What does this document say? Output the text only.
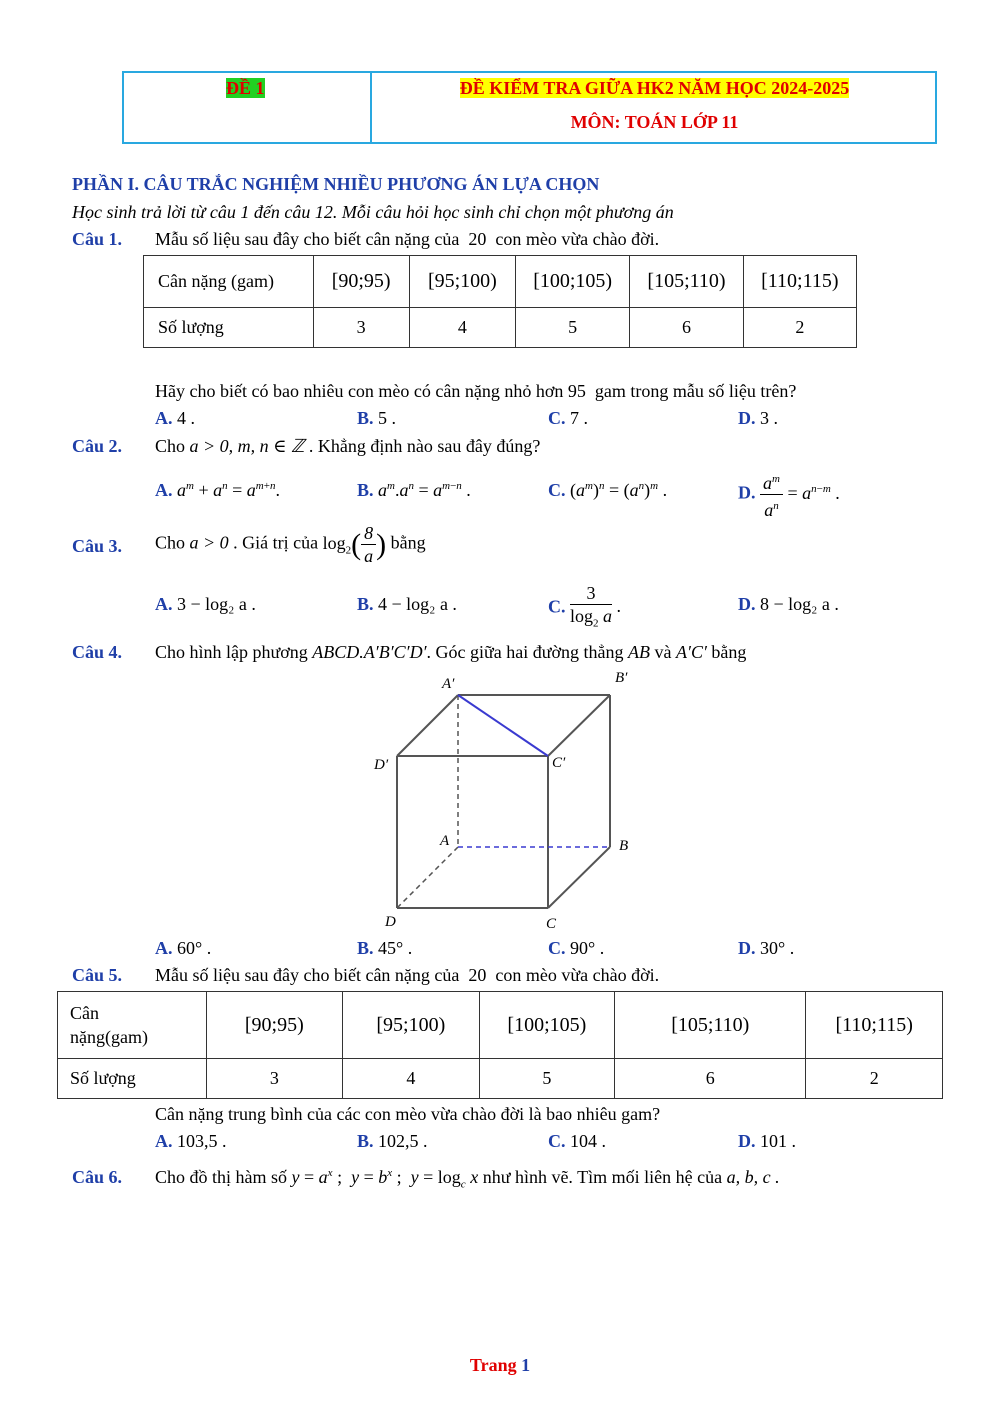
ĐỀ 1	ĐỀ KIỂM TRA GIỮA HK2 NĂM HỌC 2024-2025
MÔN: TOÁN LỚP 11
PHẦN I. CÂU TRẮC NGHIỆM NHIỀU PHƯƠNG ÁN LỰA CHỌN
Học sinh trả lời từ câu 1 đến câu 12. Mỗi câu hỏi học sinh chỉ chọn một phương án
Câu 1. Mẫu số liệu sau đây cho biết cân nặng của  20  con mèo vừa chào đời.
Cân nặng (gam)	[90;95)	[95;100)	[100;105)	[105;110)	[110;115)
Số lượng	3	4	5	6	2
Hãy cho biết có bao nhiêu con mèo có cân nặng nhỏ hơn 95  gam trong mẫu số liệu trên?
A. 4 .	B. 5 .	C. 7 .	D. 3 .
Câu 2. Cho a > 0, m, n ∈ ℤ . Khẳng định nào sau đây đúng?
A. $a^m + a^n = a^{m+n}$.	B. $a^m.a^n = a^{m-n}$ .	C. $(a^m)^n = (a^n)^m$ .	D. $\frac{a^m}{a^n} = a^{n-m}$ .
Câu 3. Cho a > 0 . Giá trị của $\log_2( \frac{8}{a}$ ) bằng
A. 3 − log₂ a .	B. 4 − log₂ a .	C. $\frac{3}{\log_2 a}$ .	D. 8 − log₂ a .
Câu 4. Cho hình lập phương ABCD.A′B′C′D′. Góc giữa hai đường thẳng AB và A′C′ bằng
A′	B′
C′
D′
A	B
C
D
A. 60° .	B. 45° .	C. 90° .	D. 30° .
Câu 5. Mẫu số liệu sau đây cho biết cân nặng của  20  con mèo vừa chào đời.
Cân
nặng(gam)	[90;95)	[95;100)	[100;105)	[105;110)	[110;115)
Số lượng	3	4	5	6	2
Cân nặng trung bình của các con mèo vừa chào đời là bao nhiêu gam?
A. 103,5 .	B. 102,5 .	C. 104 .	D. 101 .
Câu 6. Cho đồ thị hàm số $y = a^x$ ;  $y = b^x$ ;  $y = \log_c x$ như hình vẽ. Tìm mối liên hệ của a, b, c .
Trang 1
